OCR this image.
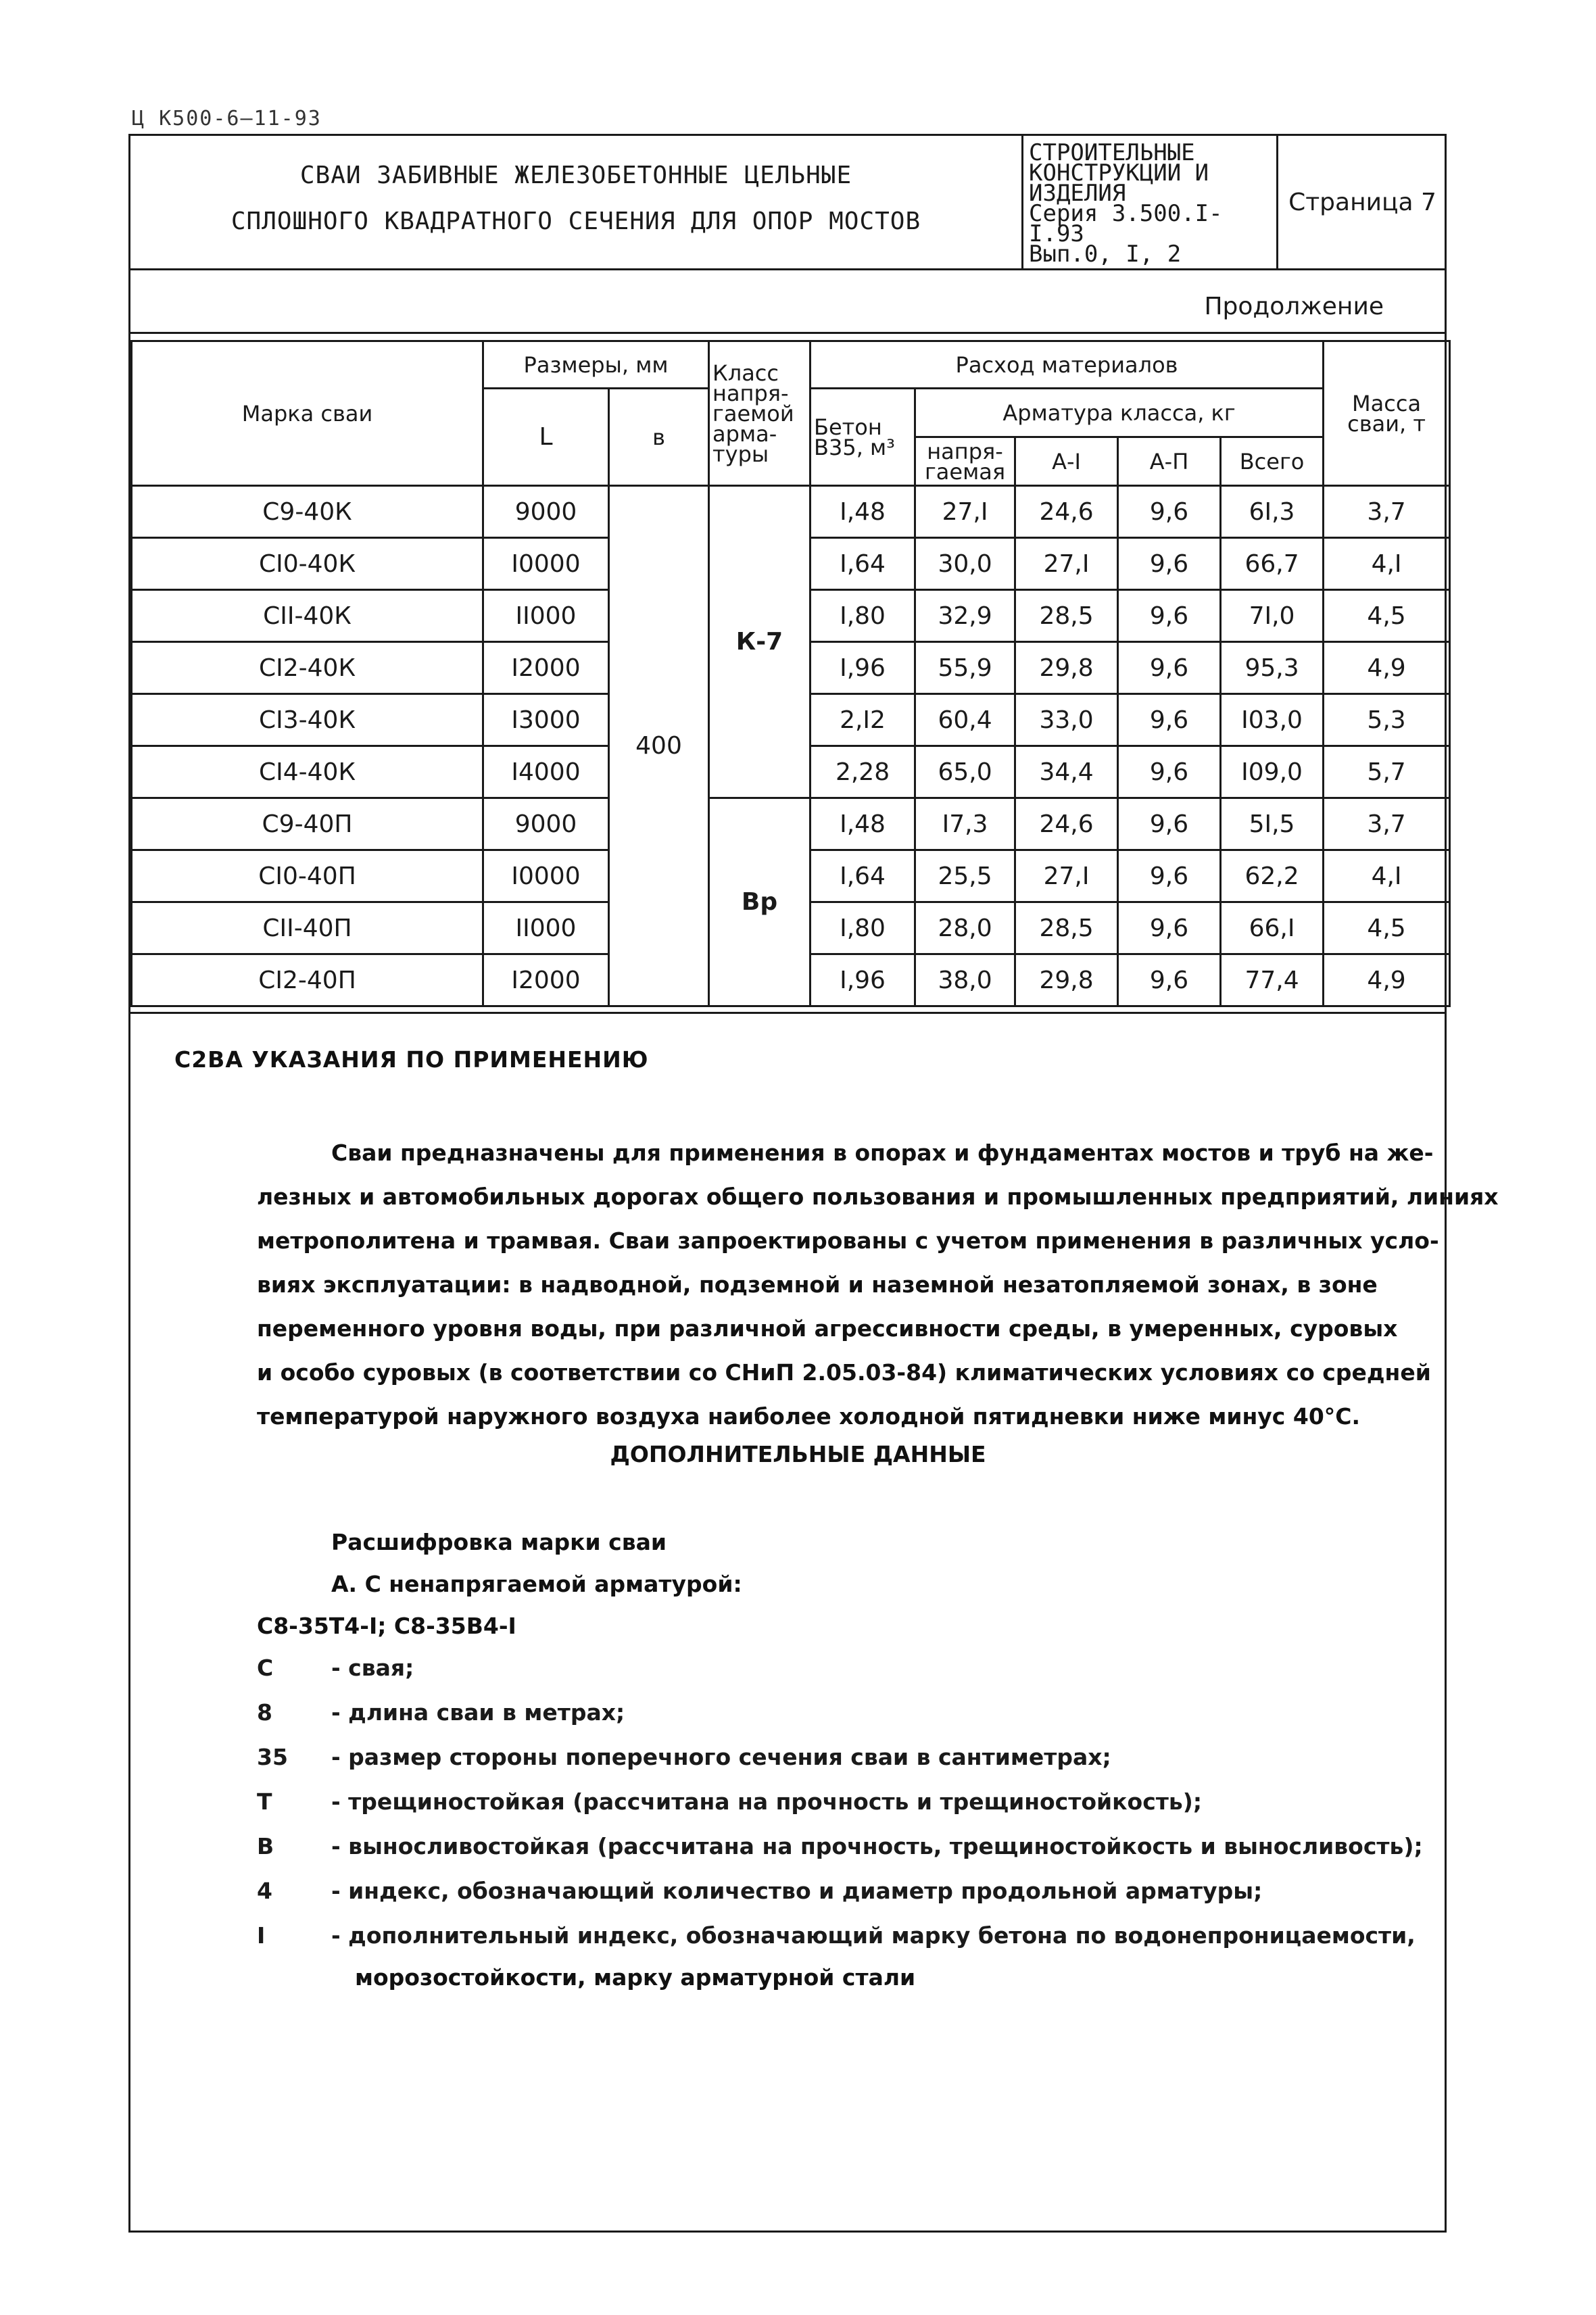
Ц К500-6—11-93
СВАИ ЗАБИВНЫЕ ЖЕЛЕЗОБЕТОННЫЕ ЦЕЛЬНЫЕ
СПЛОШНОГО КВАДРАТНОГО СЕЧЕНИЯ ДЛЯ ОПОР МОСТОВ
СТРОИТЕЛЬНЫЕ
КОНСТРУКЦИИ И
ИЗДЕЛИЯ
Серия 3.500.I-I.93
Вып.0, I, 2
Страница 7
Продолжение
Марка сваи	Размеры, мм		Класс напря-гаемой арма-туры	Расход материалов					Масса сваи, т
	L	в		Бетон В35, м³	Арматура класса, кг				
					напря-гаемая	А-I	А-П	Всего	
С9-40К	9000	400	К-7	I,48	27,I	24,6	9,6	6I,3	3,7
СI0-40К	I0000			I,64	30,0	27,I	9,6	66,7	4,I
СII-40К	II000			I,80	32,9	28,5	9,6	7I,0	4,5
СI2-40К	I2000			I,96	55,9	29,8	9,6	95,3	4,9
СI3-40К	I3000			2,I2	60,4	33,0	9,6	I03,0	5,3
СI4-40К	I4000			2,28	65,0	34,4	9,6	I09,0	5,7
С9-40П	9000		Вр	I,48	I7,3	24,6	9,6	5I,5	3,7
СI0-40П	I0000			I,64	25,5	27,I	9,6	62,2	4,I
СII-40П	II000			I,80	28,0	28,5	9,6	66,I	4,5
СI2-40П	I2000			I,96	38,0	29,8	9,6	77,4	4,9
С2ВА УКАЗАНИЯ ПО ПРИМЕНЕНИЮ
Сваи предназначены для применения в опорах и фундаментах мостов и труб на же-
лезных и автомобильных дорогах общего пользования и промышленных предприятий, линиях
метрополитена и трамвая. Сваи запроектированы с учетом применения в различных усло-
виях эксплуатации: в надводной, подземной и наземной незатопляемой зонах, в зоне
переменного уровня воды, при различной агрессивности среды, в умеренных, суровых
и особо суровых (в соответствии со СНиП 2.05.03-84) климатических условиях со средней
температурой наружного воздуха наиболее холодной пятидневки ниже минус 40°С.
ДОПОЛНИТЕЛЬНЫЕ ДАННЫЕ
Расшифровка марки сваи
А. С ненапрягаемой арматурой:
С8-35Т4-I; С8-35В4-I
С	- свая;
8	- длина сваи в метрах;
35 - размер стороны поперечного сечения сваи в сантиметрах;
Т	- трещиностойкая (рассчитана на прочность и трещиностойкость);
В	- выносливостойкая (рассчитана на прочность, трещиностойкость и выносливость);
4	- индекс, обозначающий количество и диаметр продольной арматуры;
I	- дополнительный индекс, обозначающий марку бетона по водонепроницаемости,
морозостойкости, марку арматурной стали
